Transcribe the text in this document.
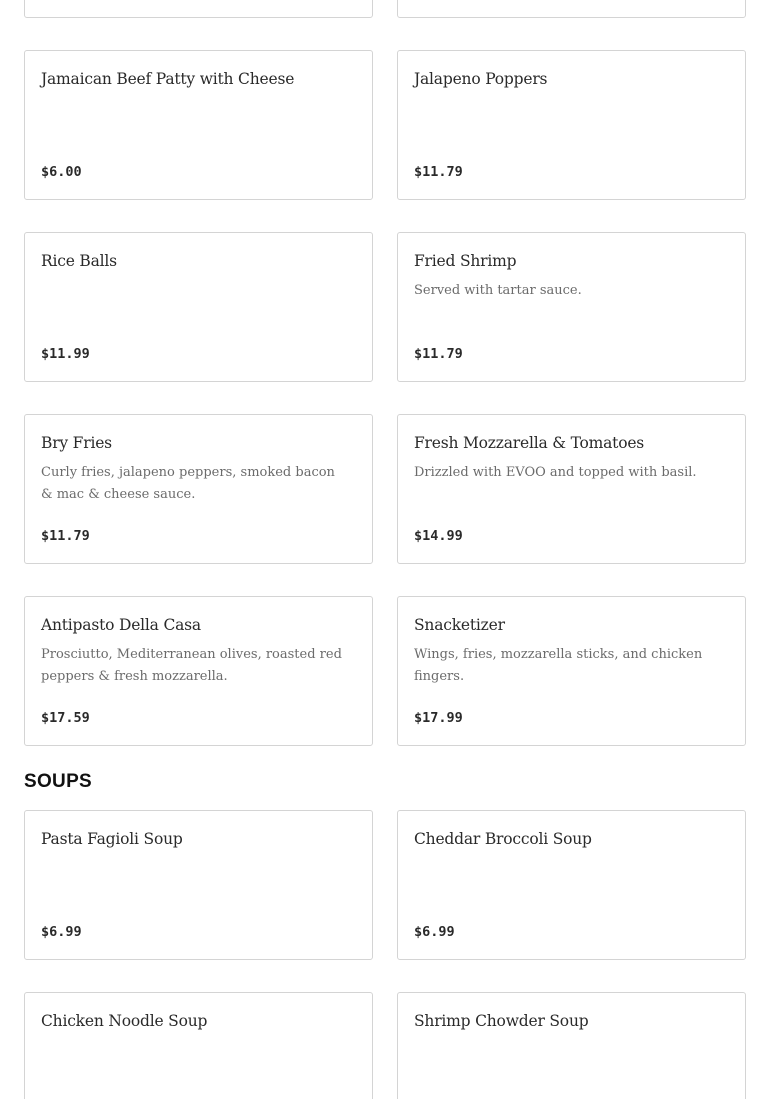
Jamaican Beef Patty with Cheese
$6.00
Jalapeno Poppers
$11.79
Rice Balls
$11.99
Fried Shrimp
Served with tartar sauce.
$11.79
Bry Fries
Curly fries, jalapeno peppers, smoked bacon & mac & cheese sauce.
$11.79
Fresh Mozzarella & Tomatoes
Drizzled with EVOO and topped with basil.
$14.99
Antipasto Della Casa
Prosciutto, Mediterranean olives, roasted red peppers & fresh mozzarella.
$17.59
Snacketizer
Wings, fries, mozzarella sticks, and chicken fingers.
$17.99
SOUPS
Pasta Fagioli Soup
$6.99
Cheddar Broccoli Soup
$6.99
Chicken Noodle Soup	Shrimp Chowder Soup
